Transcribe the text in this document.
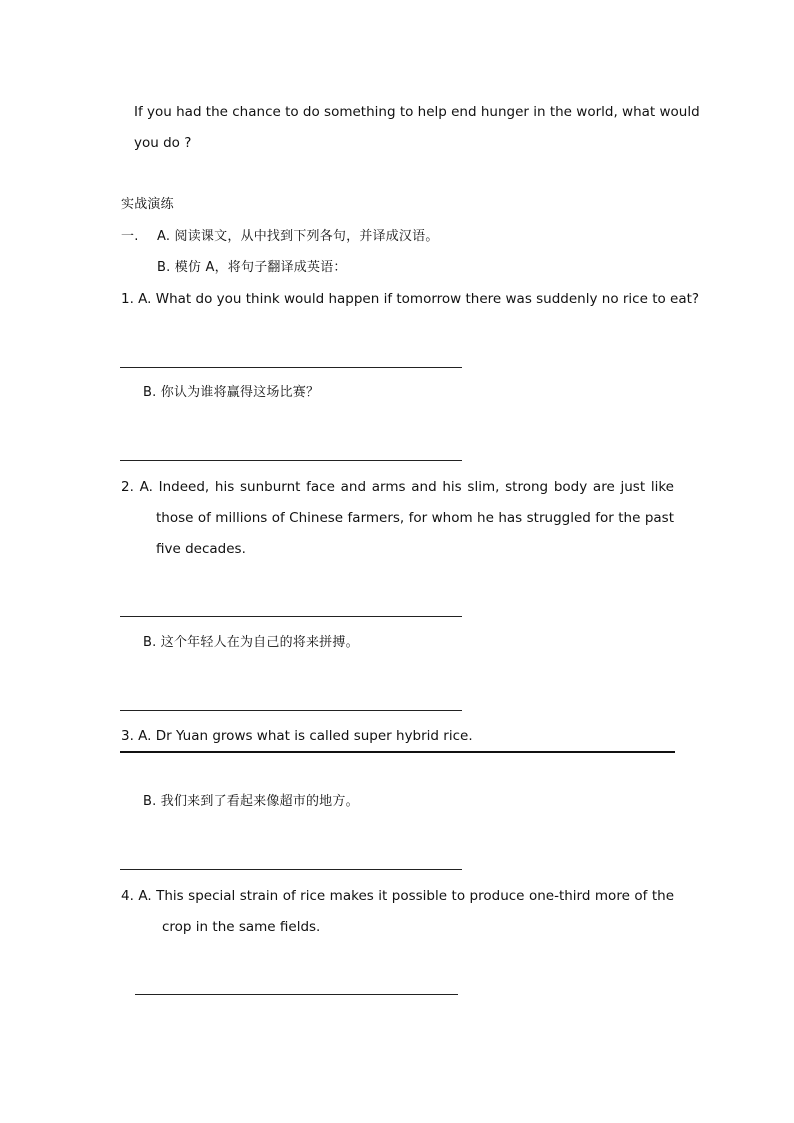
If you had the chance to do something to help end hunger in the world, what would
you do ?
实战演练
一. A. 阅读课文，从中找到下列各句，并译成汉语。
B. 模仿 A，将句子翻译成英语：
1. A. What do you think would happen if tomorrow there was suddenly no rice to eat?
B. 你认为谁将赢得这场比赛？
2. A. Indeed, his sunburnt face and arms and his slim, strong body are just like
those of millions of Chinese farmers, for whom he has struggled for the past
five decades.
B. 这个年轻人在为自己的将来拼搏。
3. A. Dr Yuan grows what is called super hybrid rice.
B. 我们来到了看起来像超市的地方。
4. A. This special strain of rice makes it possible to produce one-third more of the
crop in the same fields.
